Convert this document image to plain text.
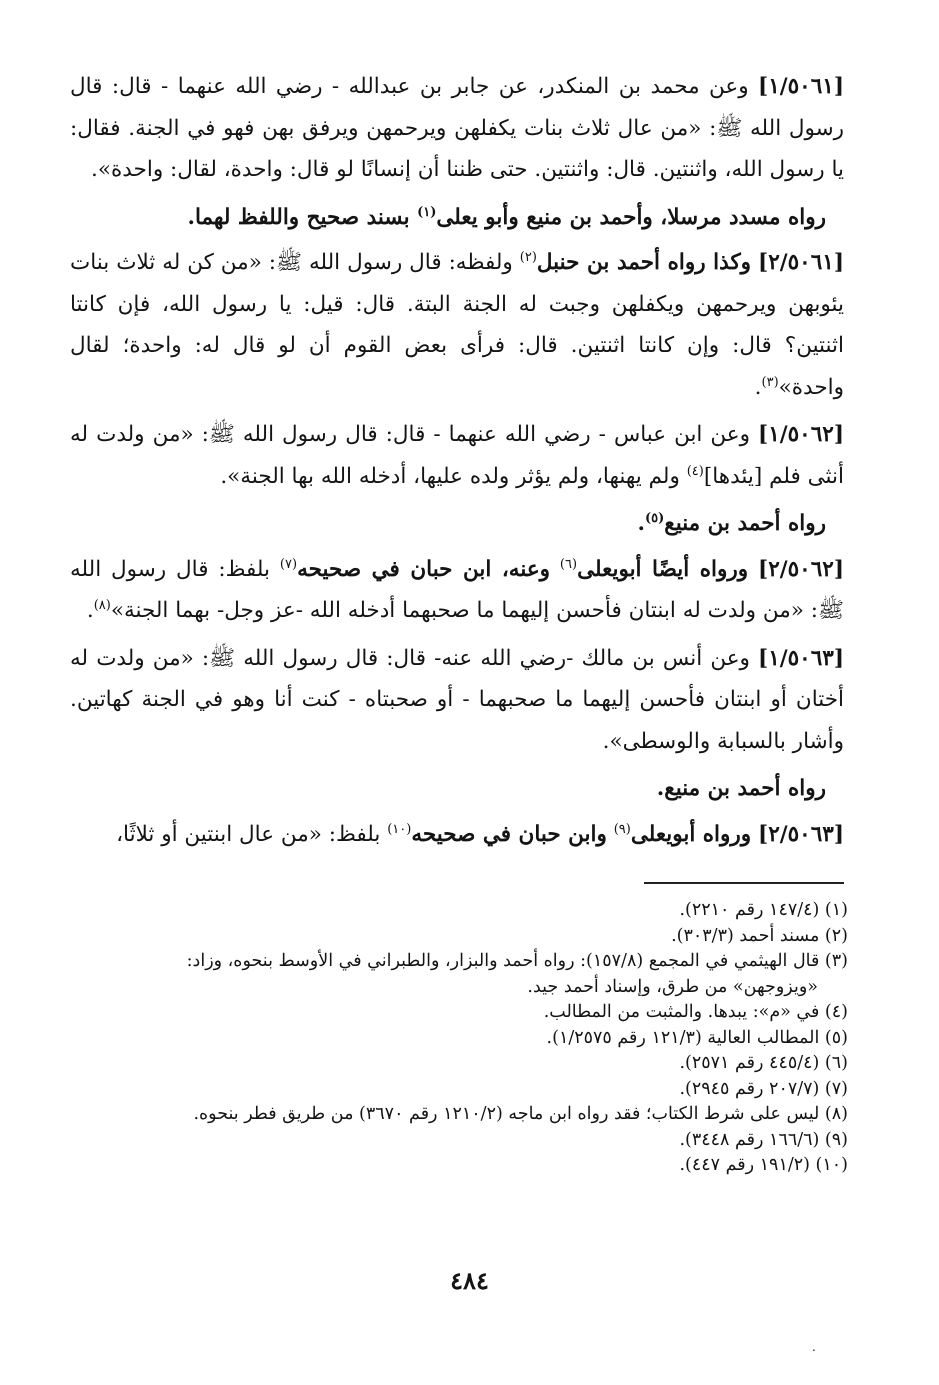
[١/٥٠٦١] وعن محمد بن المنكدر، عن جابر بن عبدالله - رضي الله عنهما - قال: قال رسول الله ﷺ: «من عال ثلاث بنات يكفلهن ويرحمهن ويرفق بهن فهو في الجنة. فقال: يا رسول الله، واثنتين. قال: واثنتين. حتى ظننا أن إنسانًا لو قال: واحدة، لقال: واحدة».

رواه مسدد مرسلا، وأحمد بن منيع وأبو يعلى$^{(١)}$ بسند صحيح واللفظ لهما.

[٢/٥٠٦١] وكذا رواه أحمد بن حنبل$^{(٢)}$ ولفظه: قال رسول الله ﷺ: «من كن له ثلاث بنات يئوبهن ويرحمهن ويكفلهن وجبت له الجنة البتة. قال: قيل: يا رسول الله، فإن كانتا اثنتين؟ قال: وإن كانتا اثنتين. قال: فرأى بعض القوم أن لو قال له: واحدة؛ لقال واحدة»$^{(٣)}$.

[١/٥٠٦٢] وعن ابن عباس - رضي الله عنهما - قال: قال رسول الله ﷺ: «من ولدت له أنثى فلم [يئدها]$^{(٤)}$ ولم يهنها، ولم يؤثر ولده عليها، أدخله الله بها الجنة».

رواه أحمد بن منيع$^{(٥)}$.

[٢/٥٠٦٢] ورواه أيضًا أبويعلى$^{(٦)}$ وعنه، ابن حبان في صحيحه$^{(٧)}$ بلفظ: قال رسول الله ﷺ: «من ولدت له ابنتان فأحسن إليهما ما صحبهما أدخله الله -عز وجل- بهما الجنة»$^{(٨)}$.

[١/٥٠٦٣] وعن أنس بن مالك -رضي الله عنه- قال: قال رسول الله ﷺ: «من ولدت له أختان أو ابنتان فأحسن إليهما ما صحبهما - أو صحبتاه - كنت أنا وهو في الجنة كهاتين. وأشار بالسبابة والوسطى».

رواه أحمد بن منيع.

[٢/٥٠٦٣] ورواه أبويعلى$^{(٩)}$ وابن حبان في صحيحه$^{(١٠)}$ بلفظ: «من عال ابنتين أو ثلاثًا،

(١) (١٤٧/٤ رقم ٢٢١٠).

(٢) مسند أحمد (٣٠٣/٣).

(٣) قال الهيثمي في المجمع (١٥٧/٨): رواه أحمد والبزار، والطبراني في الأوسط بنحوه، وزاد:

«ويزوجهن» من طرق، وإسناد أحمد جيد.

(٤) في «م»: يبدها. والمثبت من المطالب.

(٥) المطالب العالية (١٢١/٣ رقم ١/٢٥٧٥).

(٦) (٤٤٥/٤ رقم ٢٥٧١).

(٧) (٢٠٧/٧ رقم ٢٩٤٥).

(٨) ليس على شرط الكتاب؛ فقد رواه ابن ماجه (١٢١٠/٢ رقم ٣٦٧٠) من طريق فطر بنحوه.

(٩) (١٦٦/٦ رقم ٣٤٤٨).

(١٠) (١٩١/٢ رقم ٤٤٧).

٤٨٤
.
